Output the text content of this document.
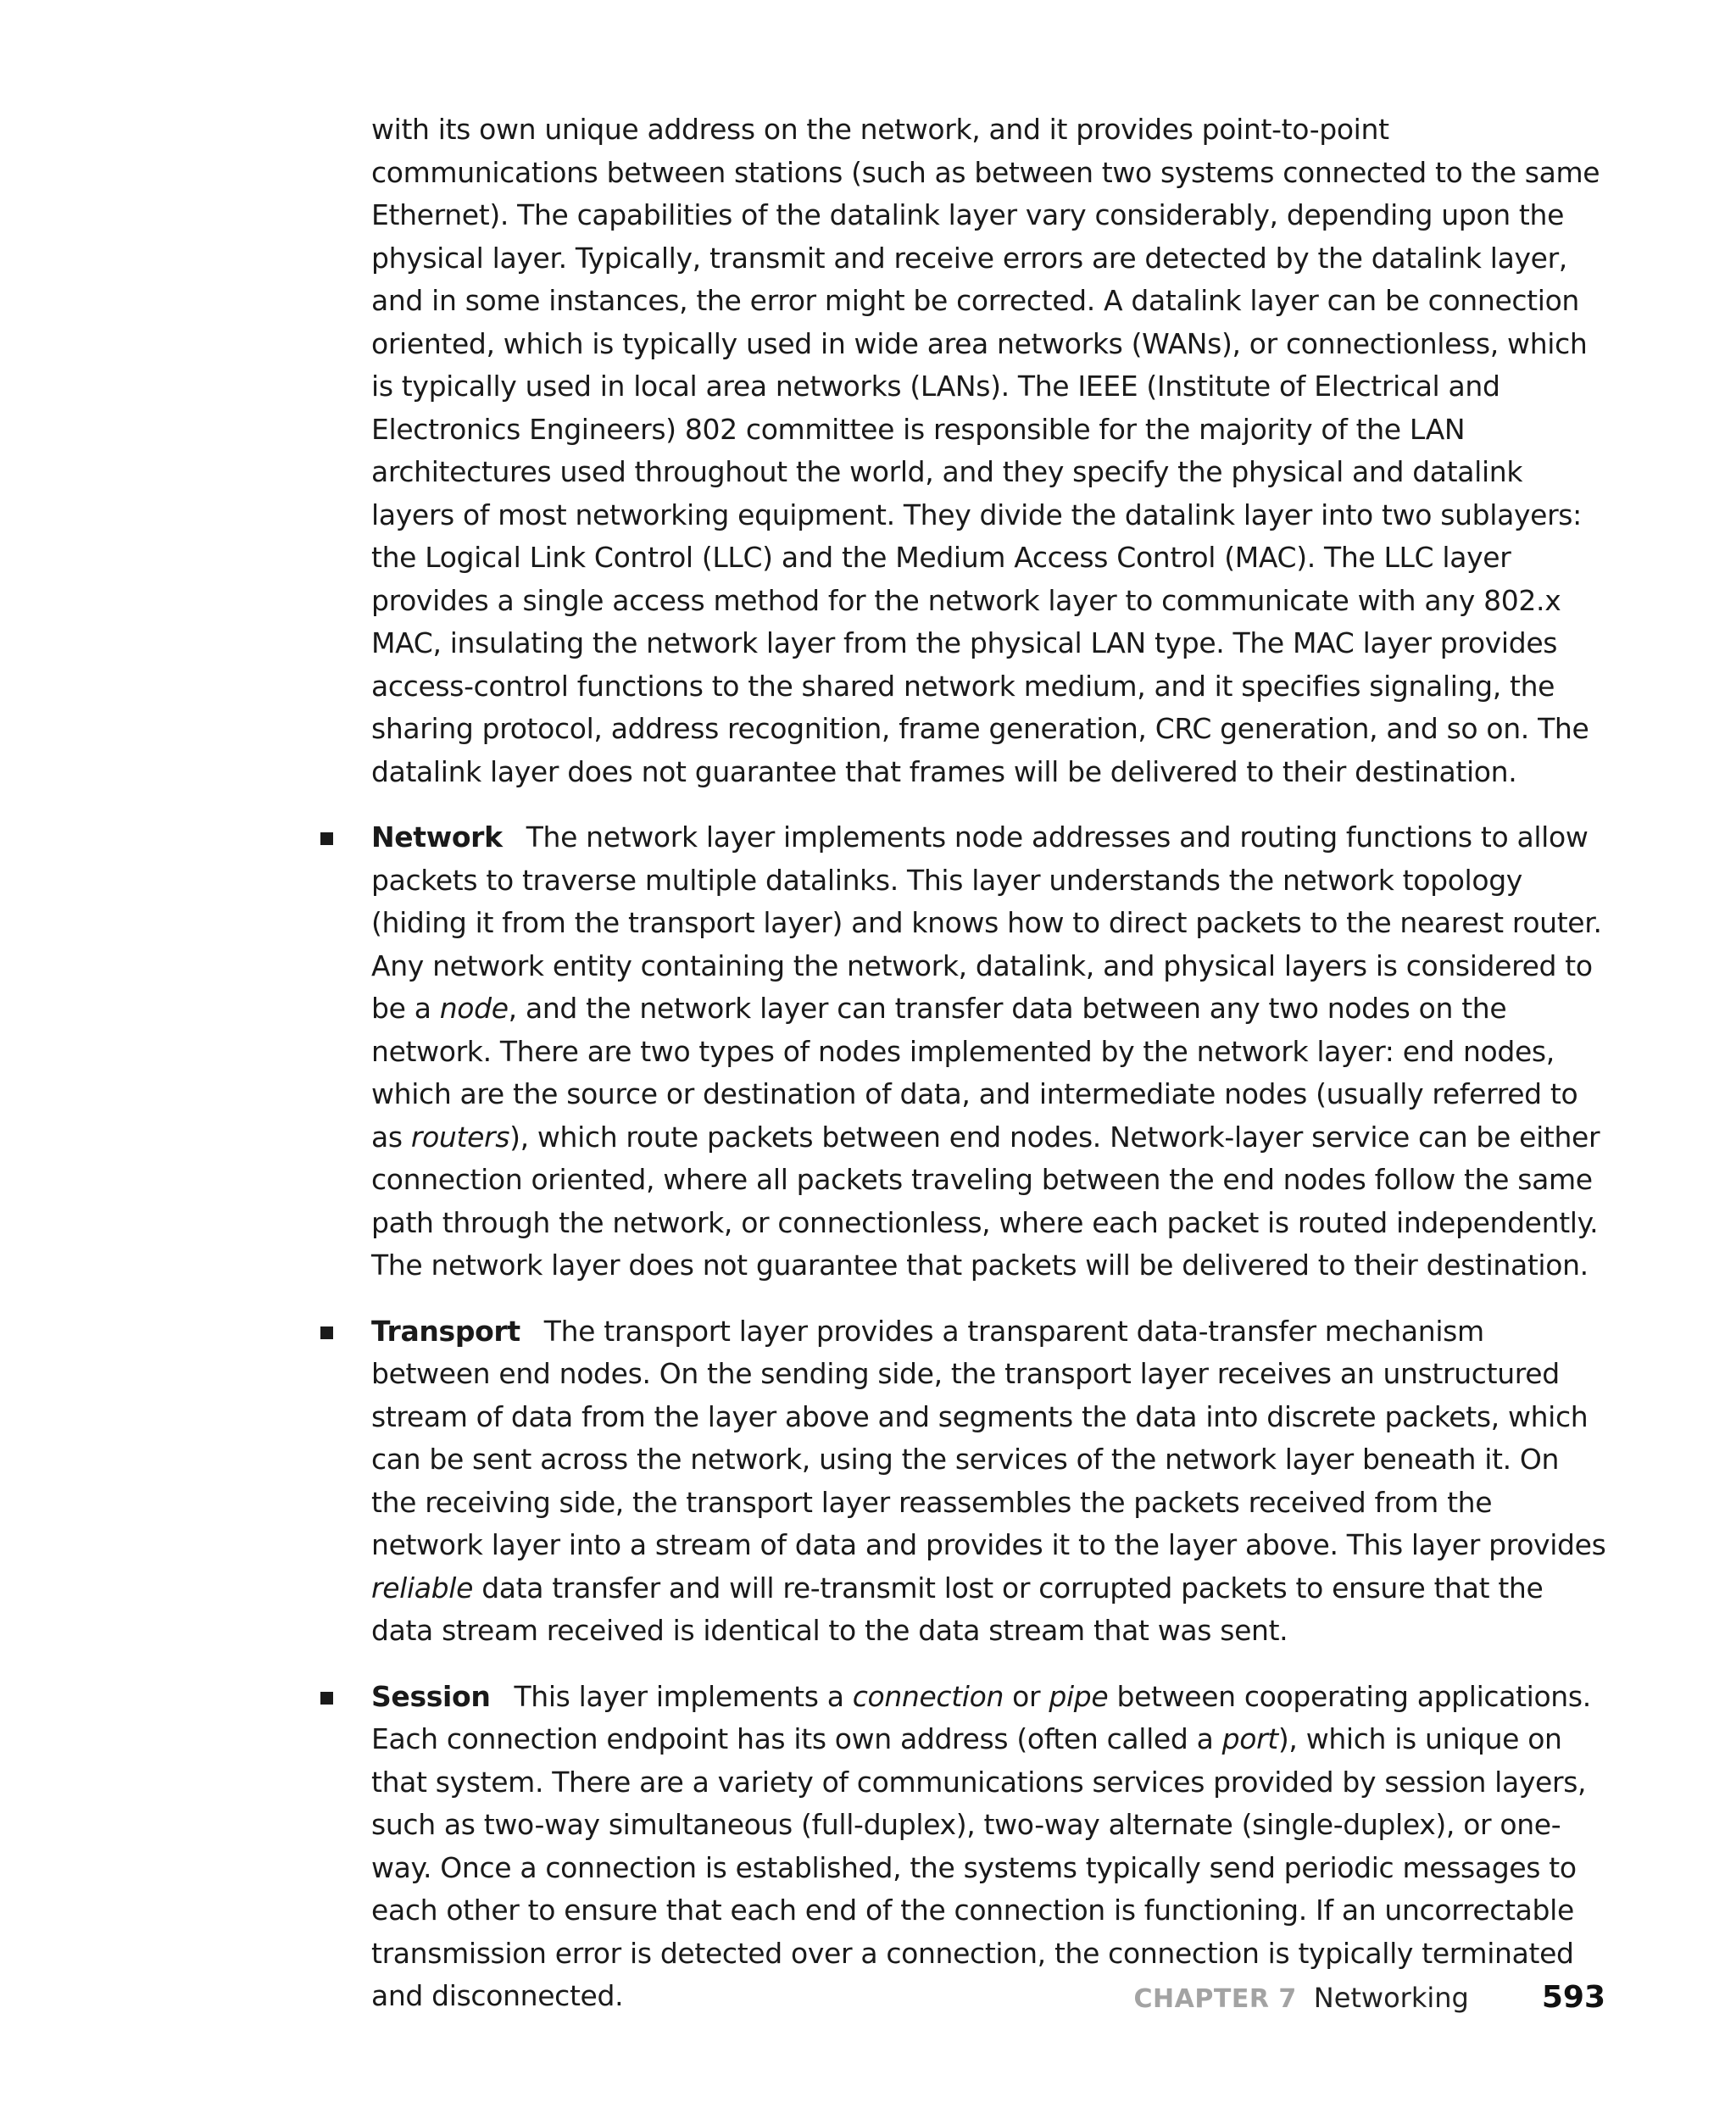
with its own unique address on the network, and it provides point-to-point communications between stations (such as between two systems connected to the same Ethernet). The capabilities of the datalink layer vary considerably, depending upon the physical layer. Typically, transmit and receive errors are detected by the datalink layer, and in some instances, the error might be corrected. A datalink layer can be connection oriented, which is typically used in wide area networks (WANs), or connectionless, which is typically used in local area networks (LANs). The IEEE (Institute of Electrical and Electronics Engineers) 802 committee is responsible for the majority of the LAN architectures used throughout the world, and they specify the physical and datalink layers of most networking equipment. They divide the datalink layer into two sublayers: the Logical Link Control (LLC) and the Medium Access Control (MAC). The LLC layer provides a single access method for the network layer to communicate with any 802.x MAC, insulating the network layer from the physical LAN type. The MAC layer provides access-control functions to the shared network medium, and it specifies signaling, the sharing protocol, address recognition, frame generation, CRC generation, and so on. The datalink layer does not guarantee that frames will be delivered to their destination.

Network The network layer implements node addresses and routing functions to allow packets to traverse multiple datalinks. This layer understands the network topology (hiding it from the transport layer) and knows how to direct packets to the nearest router. Any network entity containing the network, datalink, and physical layers is considered to be a node, and the network layer can transfer data between any two nodes on the network. There are two types of nodes implemented by the network layer: end nodes, which are the source or destination of data, and intermediate nodes (usually referred to as routers), which route packets between end nodes. Network-layer service can be either connection oriented, where all packets traveling between the end nodes follow the same path through the network, or connectionless, where each packet is routed independently. The network layer does not guarantee that packets will be delivered to their destination.

Transport The transport layer provides a transparent data-transfer mechanism between end nodes. On the sending side, the transport layer receives an unstructured stream of data from the layer above and segments the data into discrete packets, which can be sent across the network, using the services of the network layer beneath it. On the receiving side, the transport layer reassembles the packets received from the network layer into a stream of data and provides it to the layer above. This layer provides reliable data transfer and will re-transmit lost or corrupted packets to ensure that the data stream received is identical to the data stream that was sent.

Session This layer implements a connection or pipe between cooperating applications. Each connection endpoint has its own address (often called a port), which is unique on that system. There are a variety of communications services provided by session layers, such as two-way simultaneous (full-duplex), two-way alternate (single-duplex), or one-way. Once a connection is established, the systems typically send periodic messages to each other to ensure that each end of the connection is functioning. If an uncorrectable transmission error is detected over a connection, the connection is typically terminated and disconnected.	CHAPTER 7 Networking 593
